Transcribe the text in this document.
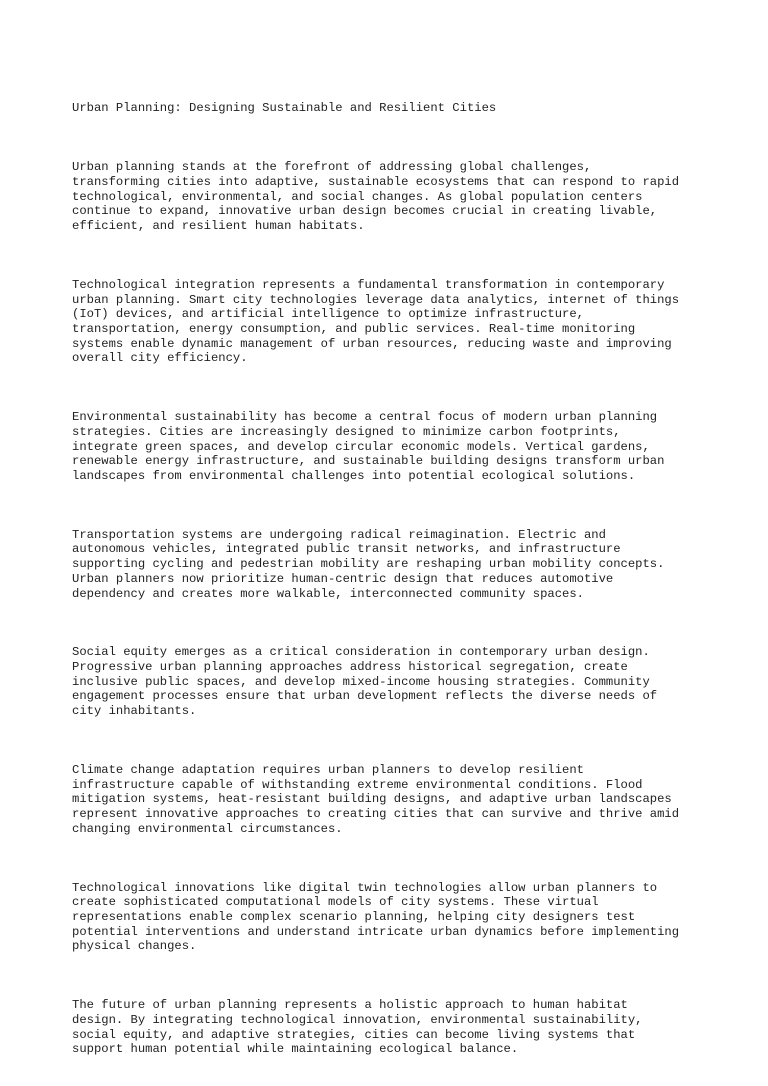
Urban Planning: Designing Sustainable and Resilient Cities

Urban planning stands at the forefront of addressing global challenges,
transforming cities into adaptive, sustainable ecosystems that can respond to rapid
technological, environmental, and social changes. As global population centers
continue to expand, innovative urban design becomes crucial in creating livable,
efficient, and resilient human habitats.

Technological integration represents a fundamental transformation in contemporary
urban planning. Smart city technologies leverage data analytics, internet of things
(IoT) devices, and artificial intelligence to optimize infrastructure,
transportation, energy consumption, and public services. Real-time monitoring
systems enable dynamic management of urban resources, reducing waste and improving
overall city efficiency.

Environmental sustainability has become a central focus of modern urban planning
strategies. Cities are increasingly designed to minimize carbon footprints,
integrate green spaces, and develop circular economic models. Vertical gardens,
renewable energy infrastructure, and sustainable building designs transform urban
landscapes from environmental challenges into potential ecological solutions.

Transportation systems are undergoing radical reimagination. Electric and
autonomous vehicles, integrated public transit networks, and infrastructure
supporting cycling and pedestrian mobility are reshaping urban mobility concepts.
Urban planners now prioritize human-centric design that reduces automotive
dependency and creates more walkable, interconnected community spaces.

Social equity emerges as a critical consideration in contemporary urban design.
Progressive urban planning approaches address historical segregation, create
inclusive public spaces, and develop mixed-income housing strategies. Community
engagement processes ensure that urban development reflects the diverse needs of
city inhabitants.

Climate change adaptation requires urban planners to develop resilient
infrastructure capable of withstanding extreme environmental conditions. Flood
mitigation systems, heat-resistant building designs, and adaptive urban landscapes
represent innovative approaches to creating cities that can survive and thrive amid
changing environmental circumstances.

Technological innovations like digital twin technologies allow urban planners to
create sophisticated computational models of city systems. These virtual
representations enable complex scenario planning, helping city designers test
potential interventions and understand intricate urban dynamics before implementing
physical changes.

The future of urban planning represents a holistic approach to human habitat
design. By integrating technological innovation, environmental sustainability,
social equity, and adaptive strategies, cities can become living systems that
support human potential while maintaining ecological balance.
